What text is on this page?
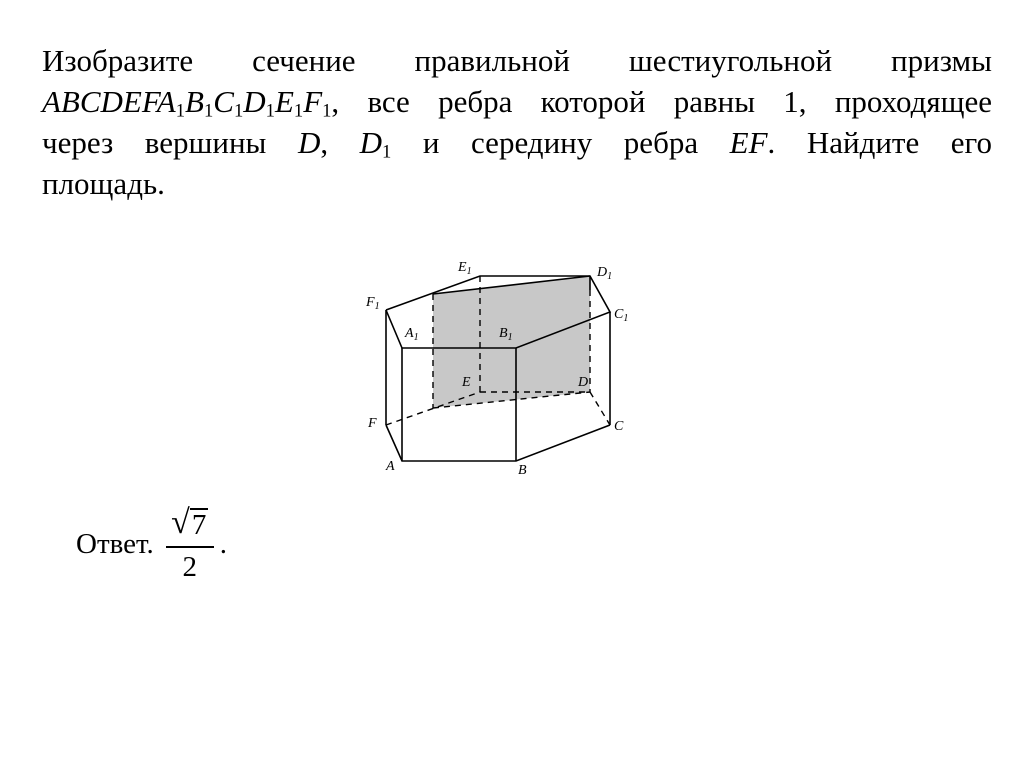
Изобразите сечение правильной шестиугольной призмы
$ABCDEFA_1B_1C_1D_1E_1F_1$, все ребра которой равны 1, проходящее
через вершины D, $D_1$ и середину ребра EF. Найдите его
площадь.
$E_1$	$D_1$
$F_1$
$C_1$
$A_1$	$B_1$
E	D
F	C
A	B
Ответ. $\frac{√ 7}{2}$ .
